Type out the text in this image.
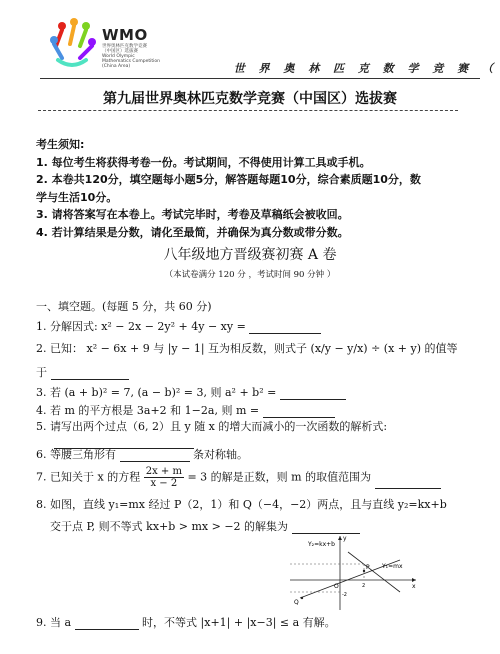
WMO
世界奥林匹克数学竞赛
（中国区）选拔赛
World Olympic Mathematics Competition (China Area)	世 界 奥 林 匹 克 数 学 竞 赛 （
第九届世界奥林匹克数学竞赛（中国区）选拔赛
考生须知:
1. 每位考生将获得考卷一份。考试期间，不得使用计算工具或手机。
2. 本卷共120分，填空题每小题5分，解答题每题10分，综合素质题10分，数
学与生活10分。
3. 请将答案写在本卷上。考试完毕时，考卷及草稿纸会被收回。
4. 若计算结果是分数，请化至最简，并确保为真分数或带分数。
八年级地方晋级赛初赛 A 卷
（本试卷满分 120 分 ，考试时间 90 分钟 ）
一、填空题。(每题 5 分，共 60 分)
1. 分解因式: x² − 2x − 2y² + 4y − xy =
2. 已知： x² − 6x + 9 与 |y − 1| 互为相反数，则式子 (x/y − y/x) ÷ (x + y) 的值等
于
3. 若 (a + b)² = 7, (a − b)² = 3, 则 a² + b² =
4. 若 m 的平方根是 3a+2 和 1−2a, 则 m =
5. 请写出两个过点（6, 2）且 y 随 x 的增大而减小的一次函数的解析式:
6. 等腰三角形有	条对称轴。
7. 已知关于 x 的方程 $\frac{2x + m}{x - 2} = 3$ 的解是正数，则 m 的取值范围为
8. 如图，直线 y₁=mx 经过 P（2，1）和 Q（−4，−2）两点，且与直线 y₂=kx+b
交于点 P, 则不等式 kx+b > mx > −2 的解集为
Y₂=kx+b
Y₁=mx
P
Q
O	x
y
2
-2
9. 当 a	时，不等式 |x+1| + |x−3| ≤ a 有解。
